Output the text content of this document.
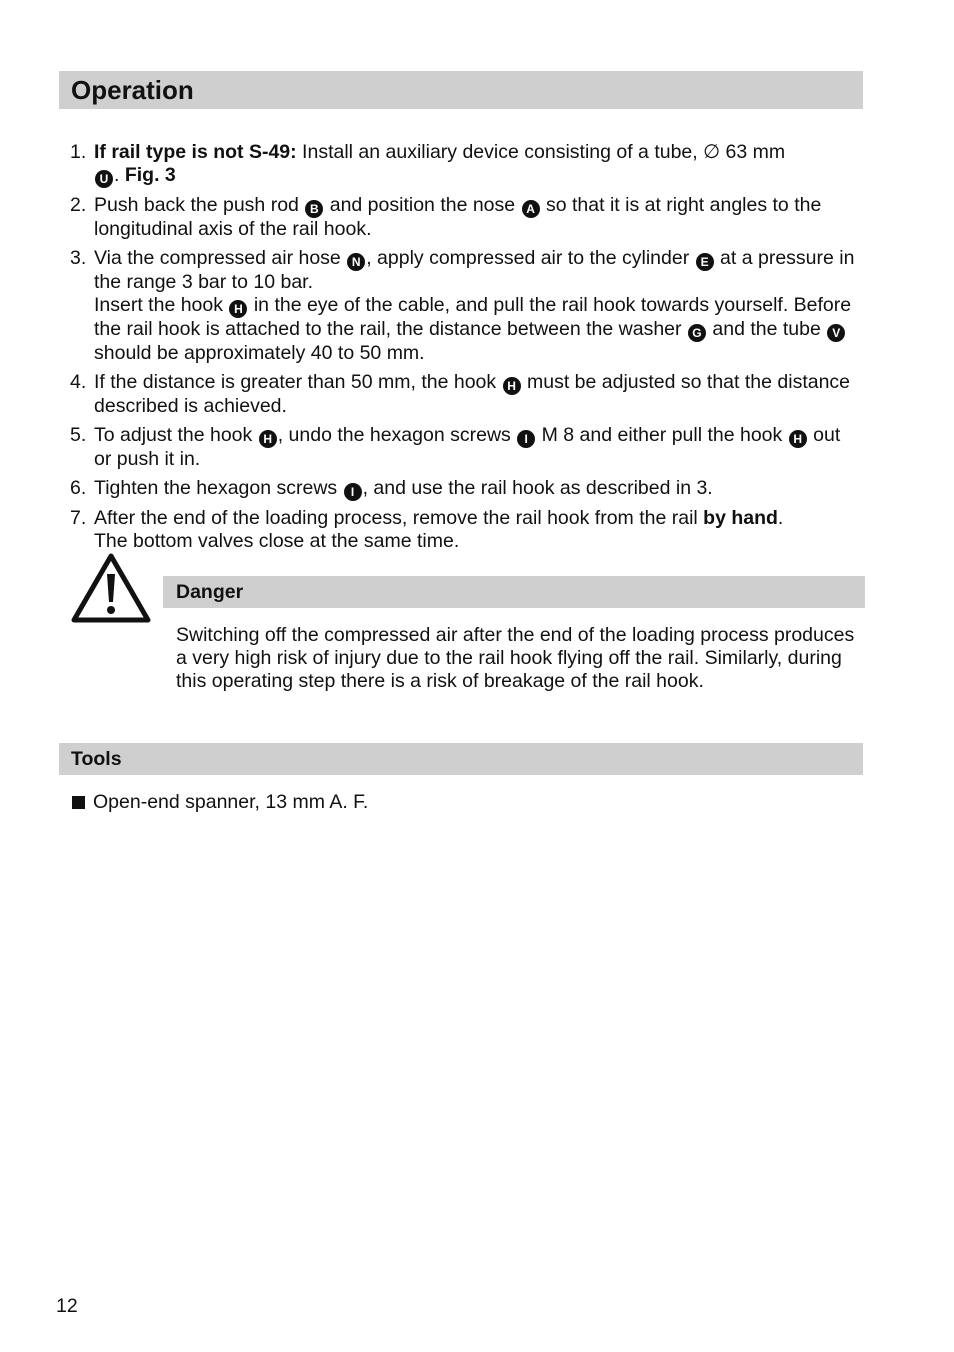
Operation
1. If rail type is not S-49: Install an auxiliary device consisting of a tube, ∅ 63 mm
U . Fig. 3
2. Push back the push rod B and position the nose A so that it is at right angles to the longitudinal axis of the rail hook.
3. Via the compressed air hose N , apply compressed air to the cylinder E at a pressure in the range 3 bar to 10 bar.
Insert the hook H in the eye of the cable, and pull the rail hook towards yourself. Before the rail hook is attached to the rail, the distance between the washer G and the tube V should be approximately 40 to 50 mm.
4. If the distance is greater than 50 mm, the hook H must be adjusted so that the distance described is achieved.
5. To adjust the hook H , undo the hexagon screws I M 8 and either pull the hook H out or push it in.
6. Tighten the hexagon screws I , and use the rail hook as described in 3.
7. After the end of the loading process, remove the rail hook from the rail by hand.
The bottom valves close at the same time.
Danger

Switching off the compressed air after the end of the loading process produces a very high risk of injury due to the rail hook flying off the rail. Similarly, during this operating step there is a risk of breakage of the rail hook.

Tools
Open-end spanner, 13 mm A. F.
12
